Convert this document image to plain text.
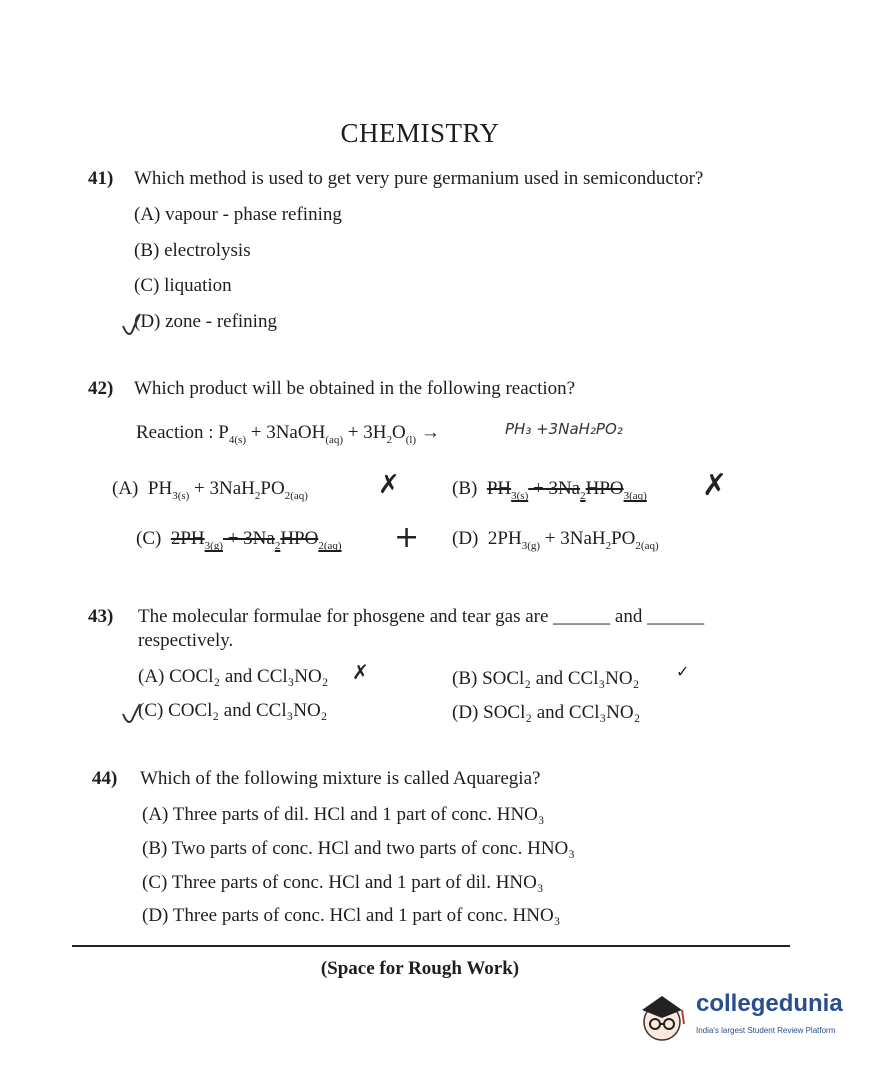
CHEMISTRY
41) Which method is used to get very pure germanium used in semiconductor?
(A) vapour - phase refining
(B) electrolysis
(C) liquation
(D) zone - refining
42) Which product will be obtained in the following reaction?
Reaction : $P_{4(s)}$ + 3NaOH$_{(aq)}$ + $3H_2O_{(l)}$ →	PH₃ +3NaH₂PO₂
(A) $PH_{3(s)} + 3NaH_2PO_{2(aq)}$	✗	(B) $PH_{3(s)} + 3Na_2HPO_{3(aq)}$ ✗
(C) $2PH_{3(g)} + 3Na_2HPO_{2(aq)} + (D) 2PH_{3(g)} + 3NaH_2PO_{2(aq)}$
43) The molecular formulae for phosgene and tear gas are ______ and ______
respectively.
(A) COCl₂ and CCl₃NO₂ ✗	(B) SOCl₂ and CCl₃NO₂ ✓
(C) COCl₂ and CCl₃NO₂	(D) SOCl₂ and CCl₃NO₂
44) Which of the following mixture is called Aquaregia?
(A) Three parts of dil. HCl and 1 part of conc. HNO₃
(B) Two parts of conc. HCl and two parts of conc. HNO₃
(C) Three parts of conc. HCl and 1 part of dil. HNO₃
(D) Three parts of conc. HCl and 1 part of conc. HNO₃
(Space for Rough Work)
collegedunia
India's largest Student Review Platform
